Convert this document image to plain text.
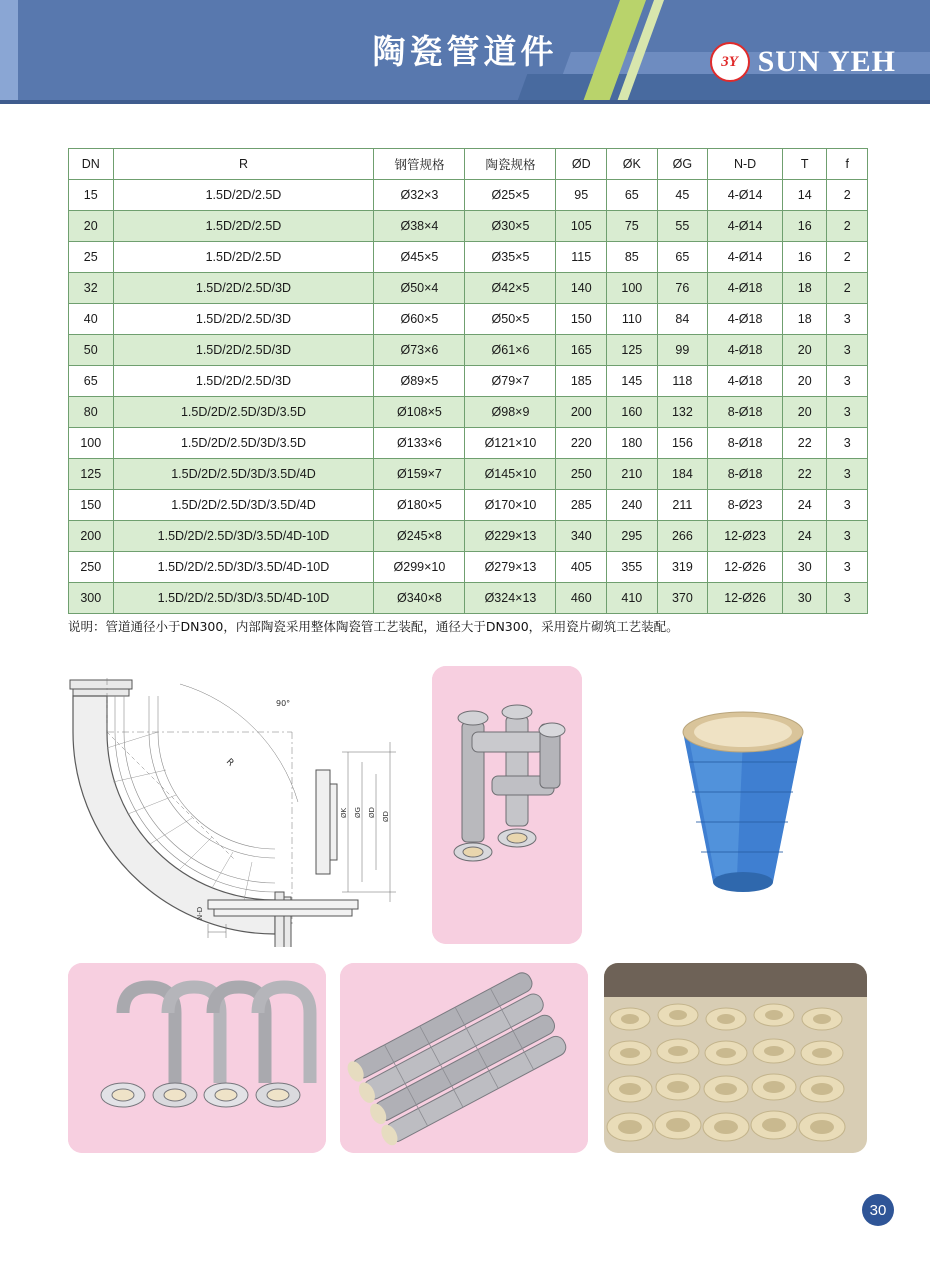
陶瓷管道件	3Y SUN YEH
DN	R	钢管规格	陶瓷规格	ØD	ØK	ØG	N-D	T	f
15	1.5D/2D/2.5D	Ø32×3	Ø25×5	95	65	45	4-Ø14	14	2
20	1.5D/2D/2.5D	Ø38×4	Ø30×5	105	75	55	4-Ø14	16	2
25	1.5D/2D/2.5D	Ø45×5	Ø35×5	115	85	65	4-Ø14	16	2
32	1.5D/2D/2.5D/3D	Ø50×4	Ø42×5	140	100	76	4-Ø18	18	2
40	1.5D/2D/2.5D/3D	Ø60×5	Ø50×5	150	110	84	4-Ø18	18	3
50	1.5D/2D/2.5D/3D	Ø73×6	Ø61×6	165	125	99	4-Ø18	20	3
65	1.5D/2D/2.5D/3D	Ø89×5	Ø79×7	185	145	118	4-Ø18	20	3
80	1.5D/2D/2.5D/3D/3.5D	Ø108×5	Ø98×9	200	160	132	8-Ø18	20	3
100	1.5D/2D/2.5D/3D/3.5D	Ø133×6	Ø121×10	220	180	156	8-Ø18	22	3
125	1.5D/2D/2.5D/3D/3.5D/4D	Ø159×7	Ø145×10	250	210	184	8-Ø18	22	3
150	1.5D/2D/2.5D/3D/3.5D/4D	Ø180×5	Ø170×10	285	240	211	8-Ø23	24	3
200	1.5D/2D/2.5D/3D/3.5D/4D-10D	Ø245×8	Ø229×13	340	295	266	12-Ø23	24	3
250	1.5D/2D/2.5D/3D/3.5D/4D-10D	Ø299×10	Ø279×13	405	355	319	12-Ø26	30	3
300	1.5D/2D/2.5D/3D/3.5D/4D-10D	Ø340×8	Ø324×13	460	410	370	12-Ø26	30	3
说明：管道通径小于DN300，内部陶瓷采用整体陶瓷管工艺装配，通径大于DN300，采用瓷片砌筑工艺装配。
R
90°
ØK ØG ØD ØD
N-D
30
